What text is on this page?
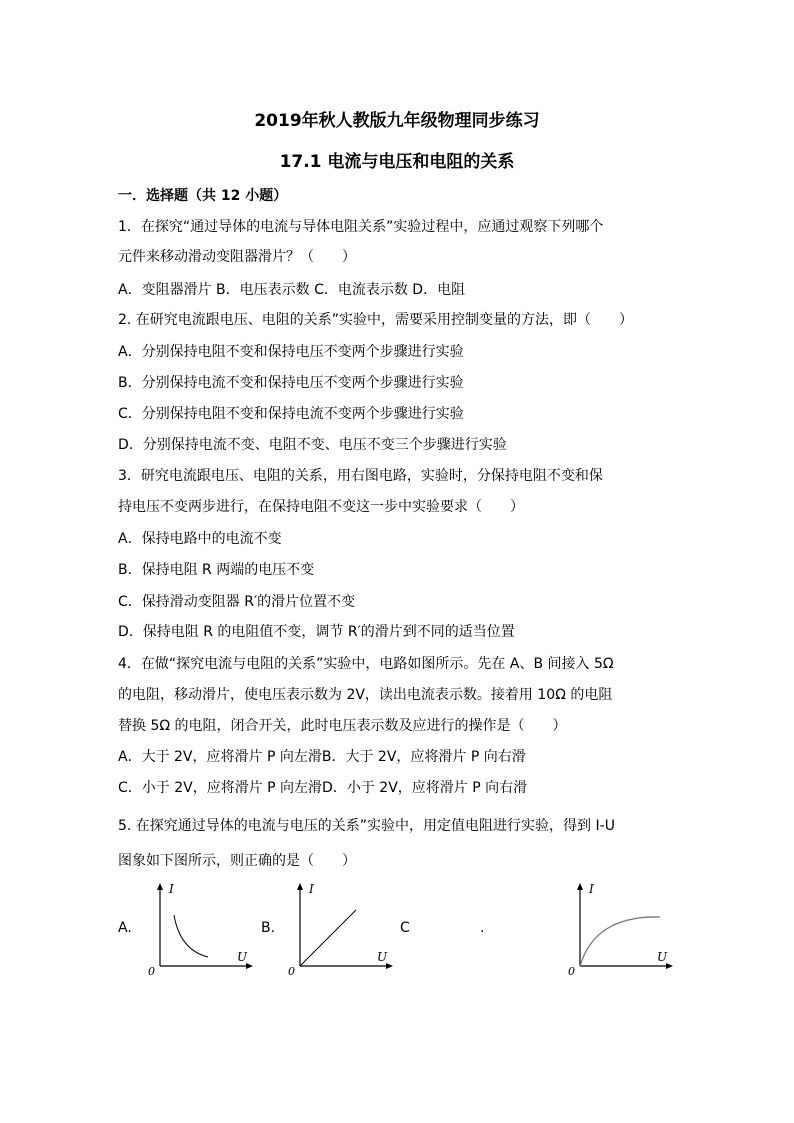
2019年秋人教版九年级物理同步练习
17.1 电流与电压和电阻的关系
一．选择题（共 12 小题）
1．在探究“通过导体的电流与导体电阻关系”实验过程中，应通过观察下列哪个
元件来移动滑动变阻器滑片？（　　）
A．变阻器滑片 B．电压表示数 C．电流表示数 D．电阻
2. 在研究电流跟电压、电阻的关系”实验中，需要采用控制变量的方法，即（　　）
A．分别保持电阻不变和保持电压不变两个步骤进行实验
B．分别保持电流不变和保持电压不变两个步骤进行实验
C．分别保持电阻不变和保持电流不变两个步骤进行实验
D．分别保持电流不变、电阻不变、电压不变三个步骤进行实验
3．研究电流跟电压、电阻的关系，用右图电路，实验时，分保持电阻不变和保
持电压不变两步进行，在保持电阻不变这一步中实验要求（　　）
A．保持电路中的电流不变
B．保持电阻 R 两端的电压不变
C．保持滑动变阻器 R′的滑片位置不变
D．保持电阻 R 的电阻值不变，调节 R′的滑片到不同的适当位置
4．在做“探究电流与电阻的关系”实验中，电路如图所示。先在 A、B 间接入 5Ω
的电阻，移动滑片，使电压表示数为 2V，读出电流表示数。接着用 10Ω 的电阻
替换 5Ω 的电阻，闭合开关，此时电压表示数及应进行的操作是（　　）
A．大于 2V，应将滑片 P 向左滑B．大于 2V，应将滑片 P 向右滑
C．小于 2V，应将滑片 P 向左滑D．小于 2V，应将滑片 P 向右滑
5. 在探究通过导体的电流与电压的关系”实验中，用定值电阻进行实验，得到 I-U
图象如下图所示，则正确的是（　　）
A.	B.	C	.
I
U
0
I
U
0
I
U
0
